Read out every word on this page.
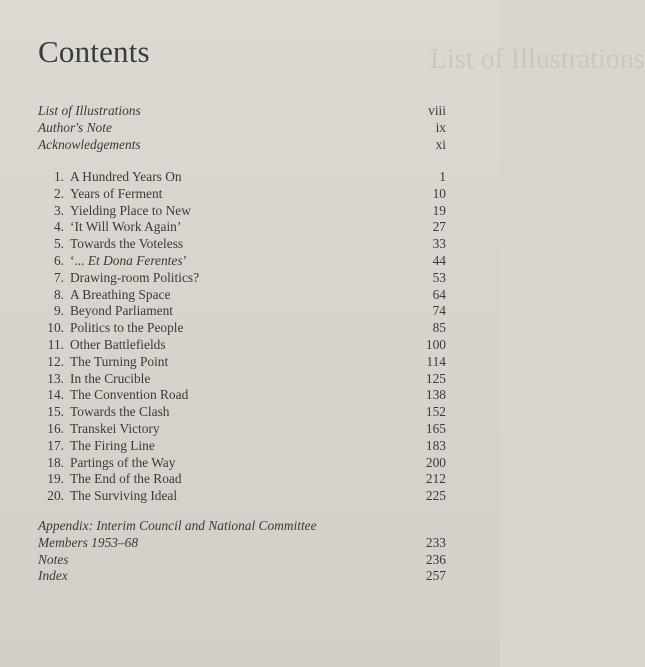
List of Illustrations
Contents
List of Illustrations	viii
Author's Note	ix
Acknowledgements	xi
1. A Hundred Years On	1
2. Years of Ferment	10
3. Yielding Place to New	19
4. ‘It Will Work Again’	27
5. Towards the Voteless	33
6. ‘... Et Dona Ferentes’	44
7. Drawing-room Politics?	53
8. A Breathing Space	64
9. Beyond Parliament	74
10. Politics to the People	85
11. Other Battlefields	100
12. The Turning Point	114
13. In the Crucible	125
14. The Convention Road	138
15. Towards the Clash	152
16. Transkei Victory	165
17. The Firing Line	183
18. Partings of the Way	200
19. The End of the Road	212
20. The Surviving Ideal	225
Appendix: Interim Council and National Committee
Members 1953–68	233
Notes	236
Index	257
